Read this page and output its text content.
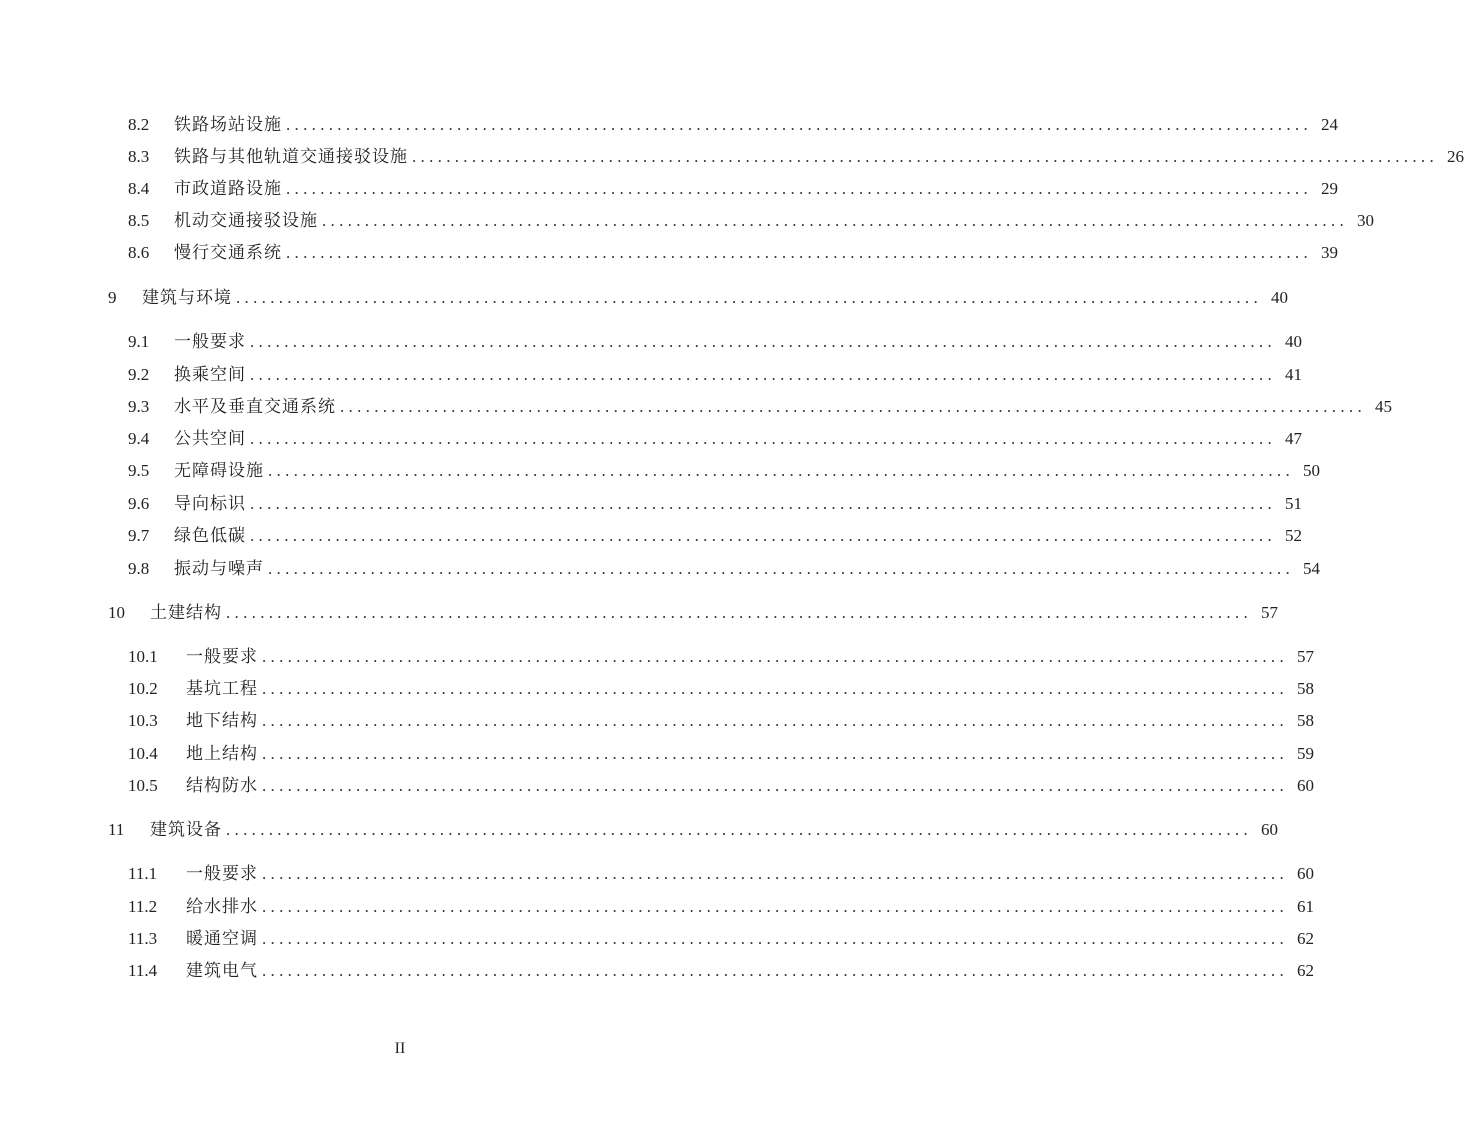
8.2	铁路场站设施 ........................................................................................................................ 24
8.3	铁路与其他轨道交通接驳设施 ........................................................................................................................ 26
8.4	市政道路设施 ........................................................................................................................ 29
8.5	机动交通接驳设施 ........................................................................................................................ 30
8.6	慢行交通系统 ........................................................................................................................ 39
9	建筑与环境 ........................................................................................................................ 40
9.1	一般要求 ........................................................................................................................ 40
9.2	换乘空间 ........................................................................................................................ 41
9.3	水平及垂直交通系统 ........................................................................................................................ 45
9.4	公共空间 ........................................................................................................................ 47
9.5	无障碍设施 ........................................................................................................................ 50
9.6	导向标识 ........................................................................................................................ 51
9.7	绿色低碳 ........................................................................................................................ 52
9.8	振动与噪声 ........................................................................................................................ 54
10	土建结构 ........................................................................................................................ 57
10.1	一般要求 ........................................................................................................................ 57
10.2	基坑工程 ........................................................................................................................ 58
10.3	地下结构 ........................................................................................................................ 58
10.4	地上结构 ........................................................................................................................ 59
10.5	结构防水 ........................................................................................................................ 60
11	建筑设备 ........................................................................................................................ 60
11.1	一般要求 ........................................................................................................................ 60
11.2	给水排水 ........................................................................................................................ 61
11.3	暖通空调 ........................................................................................................................ 62
11.4	建筑电气 ........................................................................................................................ 62
II
